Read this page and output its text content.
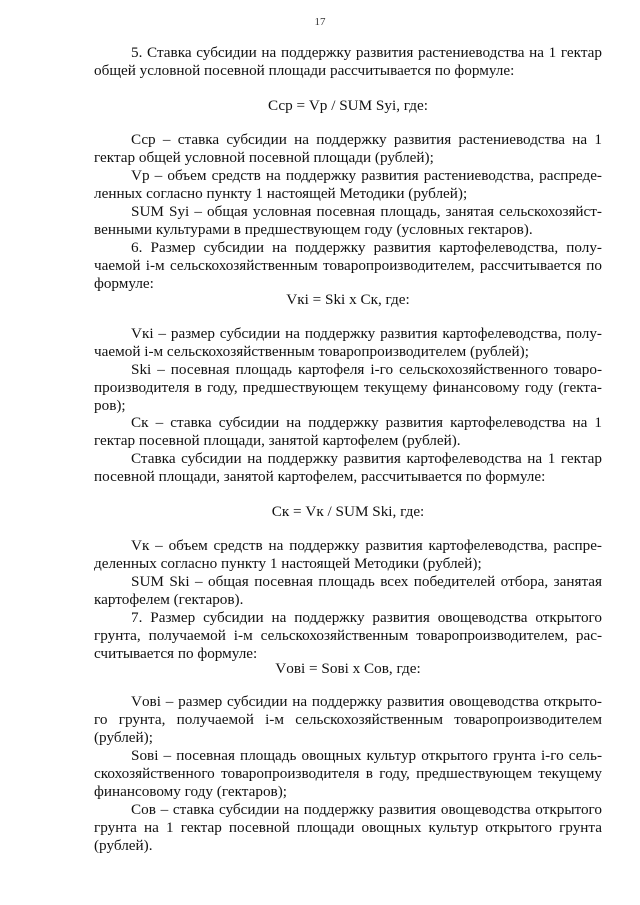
17
5. Ставка субсидии на поддержку развития растениеводства на 1 гектар
общей условной посевной площади рассчитывается по формуле:
Сср = Vр / SUM Syi, где:
Сср – ставка субсидии на поддержку развития растениеводства на 1
гектар общей условной посевной площади (рублей);
Vр – объем средств на поддержку развития растениеводства, распреде-
ленных согласно пункту 1 настоящей Методики (рублей);
SUM Syi – общая условная посевная площадь, занятая сельскохозяйст-
венными культурами в предшествующем году (условных гектаров).
6. Размер субсидии на поддержку развития картофелеводства, полу-
чаемой i-м сельскохозяйственным товаропроизводителем, рассчитывается по
формуле:
Vкi = Ski x Ск, где:
Vкi – размер субсидии на поддержку развития картофелеводства, полу-
чаемой i-м сельскохозяйственным товаропроизводителем (рублей);
Ski – посевная площадь картофеля i-го сельскохозяйственного товаро-
производителя в году, предшествующем текущему финансовому году (гекта-
ров);
Ск – ставка субсидии на поддержку развития картофелеводства на 1
гектар посевной площади, занятой картофелем (рублей).
Ставка субсидии на поддержку развития картофелеводства на 1 гектар
посевной площади, занятой картофелем, рассчитывается по формуле:
Ск = Vк / SUM Ski, где:
Vк – объем средств на поддержку развития картофелеводства, распре-
деленных согласно пункту 1 настоящей Методики (рублей);
SUM Ski – общая посевная площадь всех победителей отбора, занятая
картофелем (гектаров).
7. Размер субсидии на поддержку развития овощеводства открытого
грунта, получаемой i-м сельскохозяйственным товаропроизводителем, рас-
считывается по формуле:
Vовi = Sовi x Сов, где:
Vовi – размер субсидии на поддержку развития овощеводства открыто-
го грунта, получаемой i-м сельскохозяйственным товаропроизводителем
(рублей);
Sовi – посевная площадь овощных культур открытого грунта i-го сель-
скохозяйственного товаропроизводителя в году, предшествующем текущему
финансовому году (гектаров);
Сов – ставка субсидии на поддержку развития овощеводства открытого
грунта на 1 гектар посевной площади овощных культур открытого грунта
(рублей).
